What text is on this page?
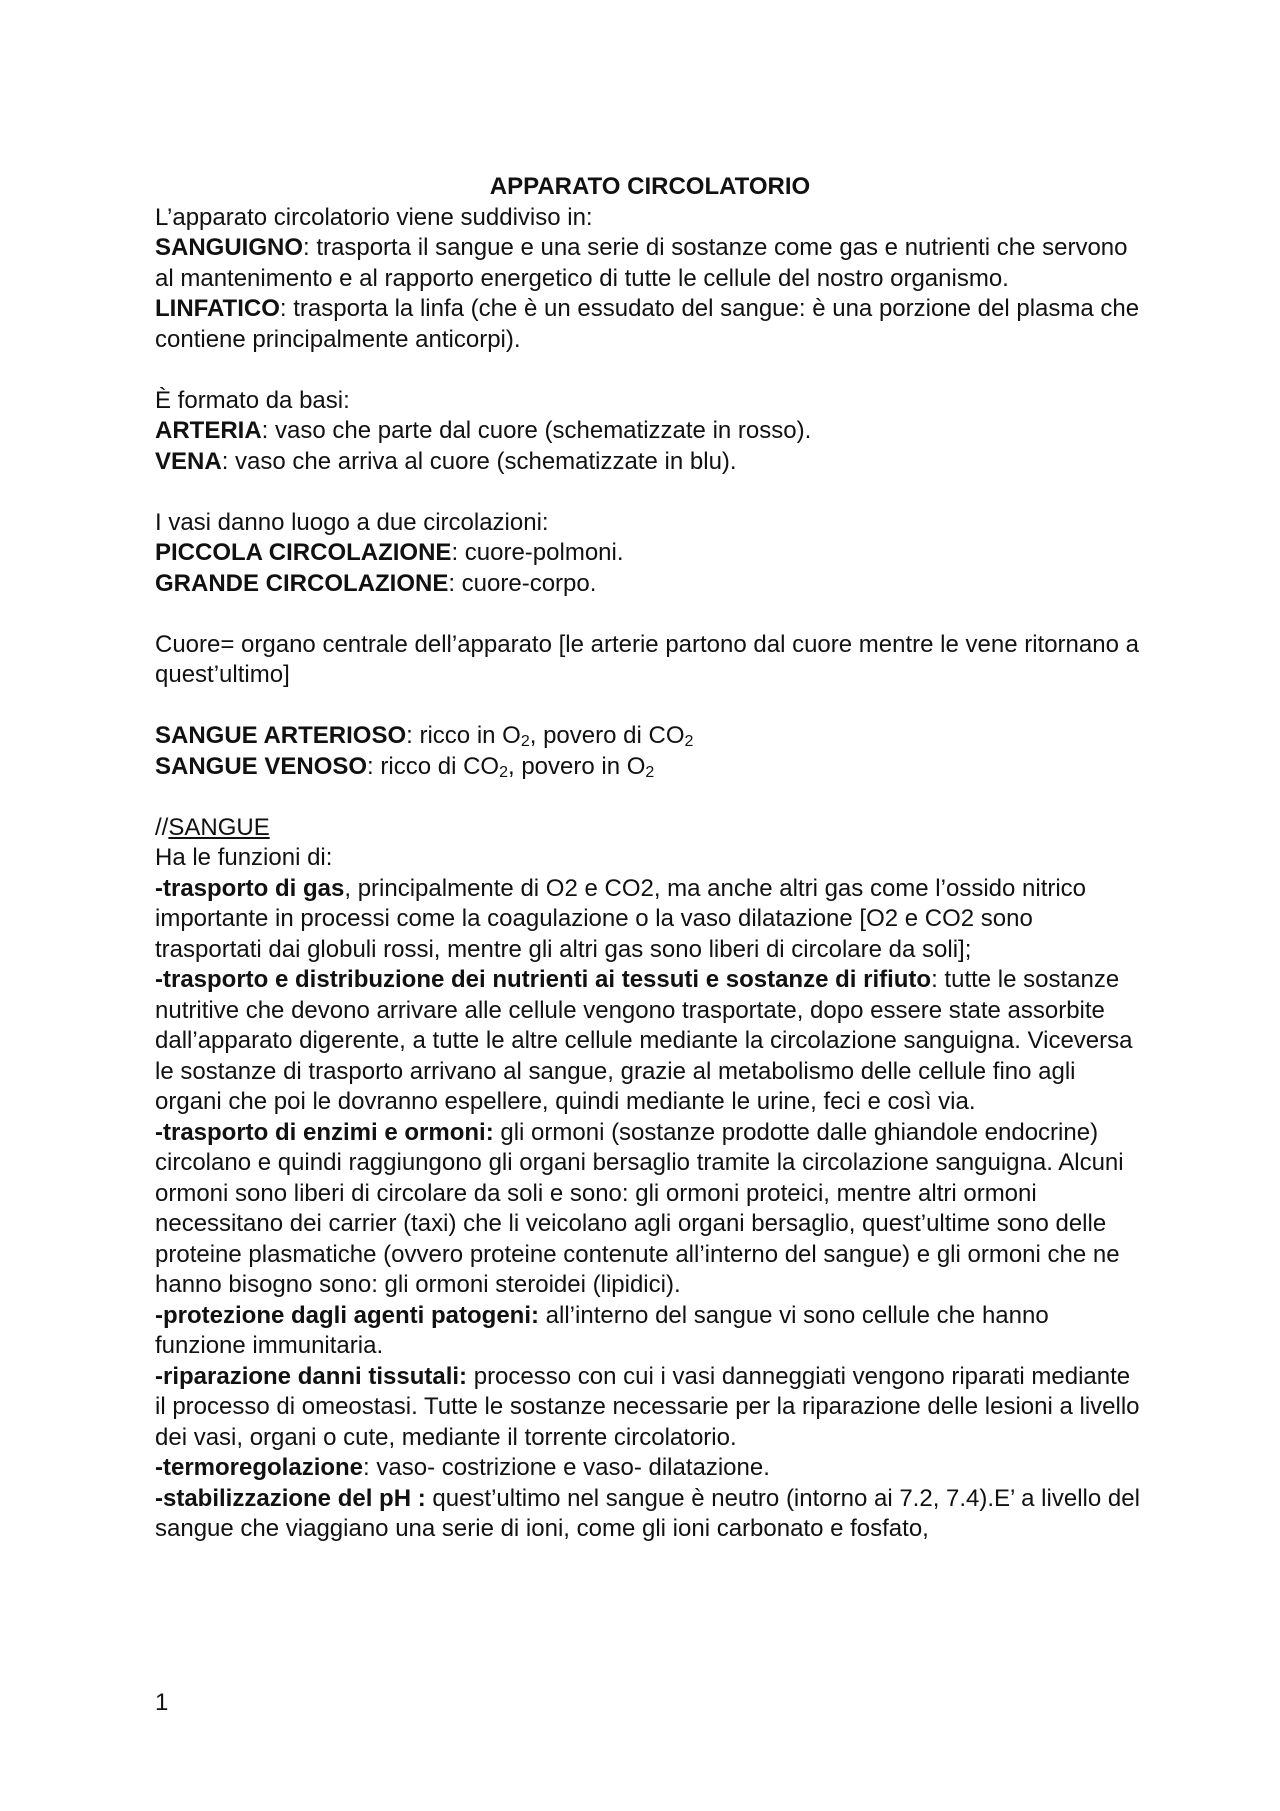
APPARATO CIRCOLATORIO

L’apparato circolatorio viene suddiviso in:

SANGUIGNO: trasporta il sangue e una serie di sostanze come gas e nutrienti che servono al mantenimento e al rapporto energetico di tutte le cellule del nostro organismo.

LINFATICO: trasporta la linfa (che è un essudato del sangue: è una porzione del plasma che contiene principalmente anticorpi).

È formato da basi:

ARTERIA: vaso che parte dal cuore (schematizzate in rosso).

VENA: vaso che arriva al cuore (schematizzate in blu).

I vasi danno luogo a due circolazioni:

PICCOLA CIRCOLAZIONE: cuore-polmoni.

GRANDE CIRCOLAZIONE: cuore-corpo.

Cuore= organo centrale dell’apparato [le arterie partono dal cuore mentre le vene ritornano a quest’ultimo]

SANGUE ARTERIOSO: ricco in $O_2$, povero di $CO_2$

SANGUE VENOSO: ricco di $CO_2$, povero in $O_2$

//SANGUE

Ha le funzioni di:

-trasporto di gas, principalmente di O2 e CO2, ma anche altri gas come l’ossido nitrico importante in processi come la coagulazione o la vaso dilatazione [O2 e CO2 sono trasportati dai globuli rossi, mentre gli altri gas sono liberi di circolare da soli];

-trasporto e distribuzione dei nutrienti ai tessuti e sostanze di rifiuto: tutte le sostanze nutritive che devono arrivare alle cellule vengono trasportate, dopo essere state assorbite dall’apparato digerente, a tutte le altre cellule mediante la circolazione sanguigna. Viceversa le sostanze di trasporto arrivano al sangue, grazie al metabolismo delle cellule fino agli organi che poi le dovranno espellere, quindi mediante le urine, feci e così via.

-trasporto di enzimi e ormoni: gli ormoni (sostanze prodotte dalle ghiandole endocrine) circolano e quindi raggiungono gli organi bersaglio tramite la circolazione sanguigna. Alcuni ormoni sono liberi di circolare da soli e sono: gli ormoni proteici, mentre altri ormoni necessitano dei carrier (taxi) che li veicolano agli organi bersaglio, quest’ultime sono delle proteine plasmatiche (ovvero proteine contenute all’interno del sangue) e gli ormoni che ne hanno bisogno sono: gli ormoni steroidei (lipidici).

-protezione dagli agenti patogeni: all’interno del sangue vi sono cellule che hanno funzione immunitaria.

-riparazione danni tissutali: processo con cui i vasi danneggiati vengono riparati mediante il processo di omeostasi. Tutte le sostanze necessarie per la riparazione delle lesioni a livello dei vasi, organi o cute, mediante il torrente circolatorio.

-termoregolazione: vaso- costrizione e vaso- dilatazione.

-stabilizzazione del pH : quest’ultimo nel sangue è neutro (intorno ai 7.2, 7.4).E’ a livello del sangue che viaggiano una serie di ioni, come gli ioni carbonato e fosfato,

1
